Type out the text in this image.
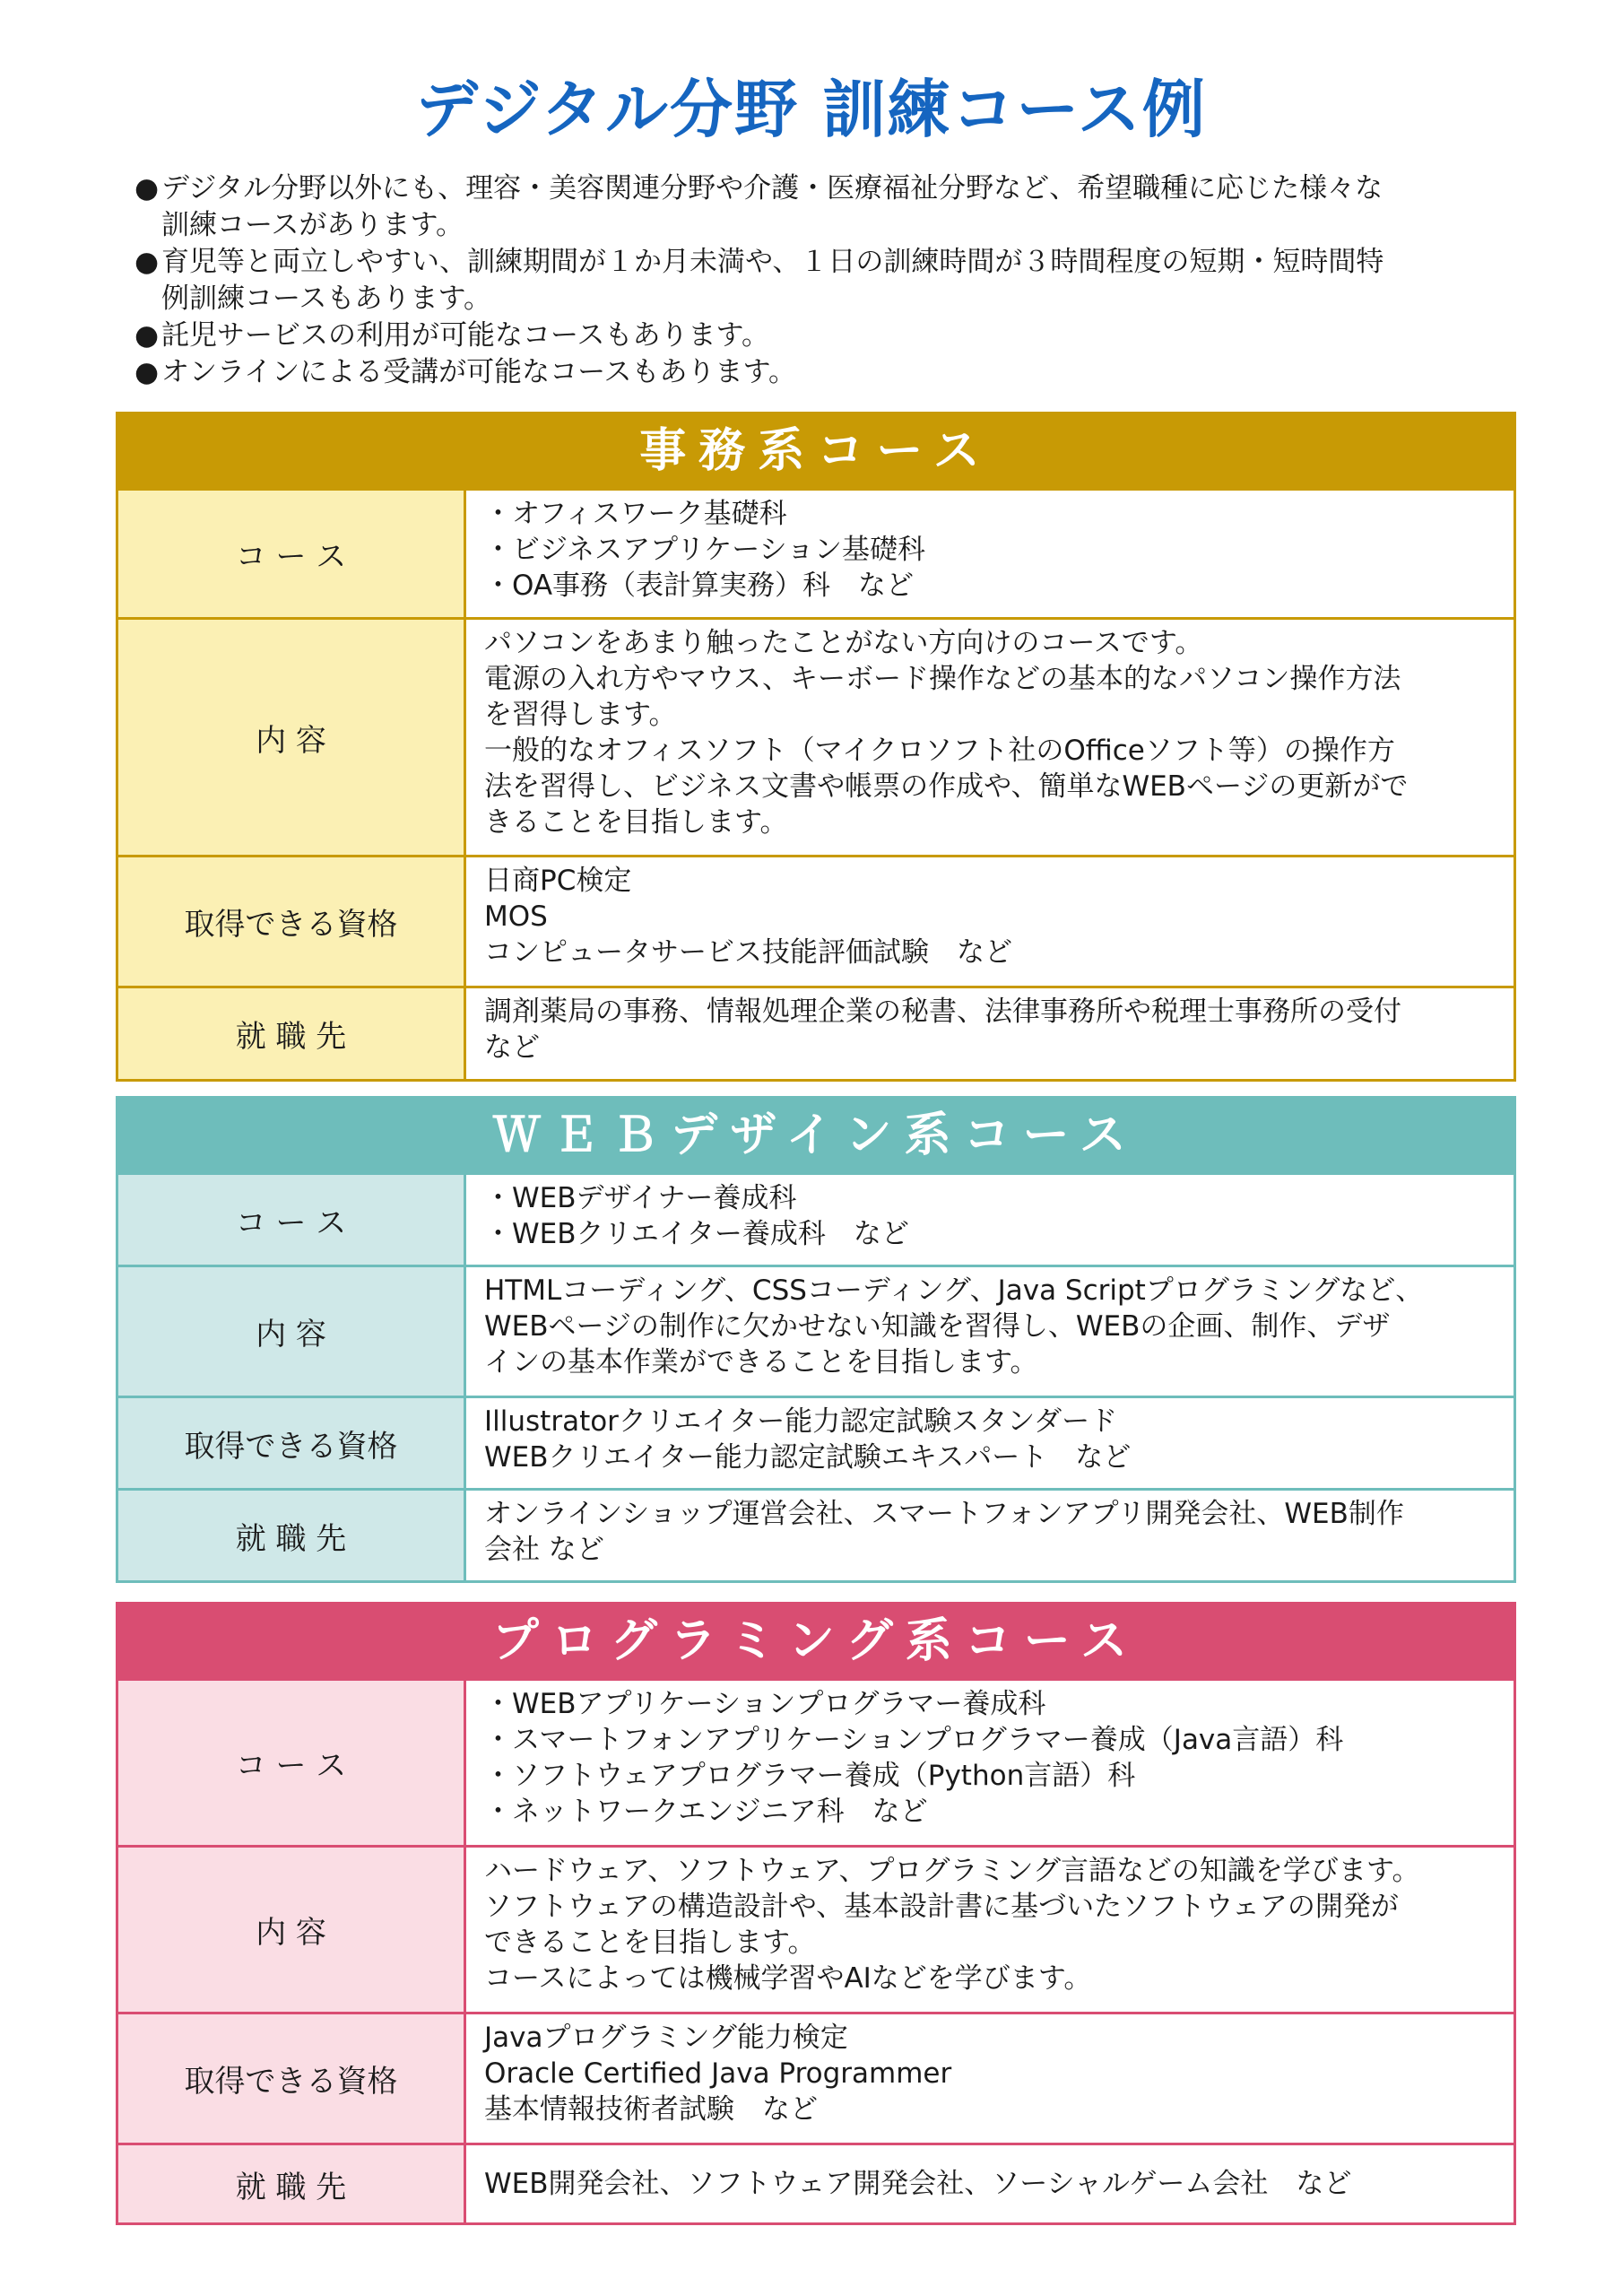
デジタル分野 訓練コース例
● デジタル分野以外にも、理容・美容関連分野や介護・医療福祉分野など、希望職種に応じた様々な
訓練コースがあります。
● 育児等と両立しやすい、訓練期間が１か月未満や、１日の訓練時間が３時間程度の短期・短時間特
例訓練コースもあります。
● 託児サービスの利用が可能なコースもあります。
● オンラインによる受講が可能なコースもあります。
事務系コース
コ ー ス
・オフィスワーク基礎科
・ビジネスアプリケーション基礎科
・OA事務（表計算実務）科　など
内 容
パソコンをあまり触ったことがない方向けのコースです。
電源の入れ方やマウス、キーボード操作などの基本的なパソコン操作方法
を習得します。
一般的なオフィスソフト（マイクロソフト社のOfficeソフト等）の操作方
法を習得し、ビジネス文書や帳票の作成や、簡単なWEBページの更新がで
きることを目指します。
取得できる資格
日商PC検定
MOS
コンピュータサービス技能評価試験　など
就 職 先
調剤薬局の事務、情報処理企業の秘書、法律事務所や税理士事務所の受付
など
ＷＥＢデザイン系コース
コ ー ス
・WEBデザイナー養成科
・WEBクリエイター養成科　など
内 容
HTMLコーディング、CSSコーディング、Java Scriptプログラミングなど、
WEBページの制作に欠かせない知識を習得し、WEBの企画、制作、デザ
インの基本作業ができることを目指します。
取得できる資格
Illustratorクリエイター能力認定試験スタンダード
WEBクリエイター能力認定試験エキスパート　など
就 職 先
オンラインショップ運営会社、スマートフォンアプリ開発会社、WEB制作
会社 など
プログラミング系コース
コ ー ス
・WEBアプリケーションプログラマー養成科
・スマートフォンアプリケーションプログラマー養成（Java言語）科
・ソフトウェアプログラマー養成（Python言語）科
・ネットワークエンジニア科　など
内 容
ハードウェア、ソフトウェア、プログラミング言語などの知識を学びます。
ソフトウェアの構造設計や、基本設計書に基づいたソフトウェアの開発が
できることを目指します。
コースによっては機械学習やAIなどを学びます。
取得できる資格
Javaプログラミング能力検定
Oracle Certified Java Programmer
基本情報技術者試験　など
就 職 先	WEB開発会社、ソフトウェア開発会社、ソーシャルゲーム会社　など
